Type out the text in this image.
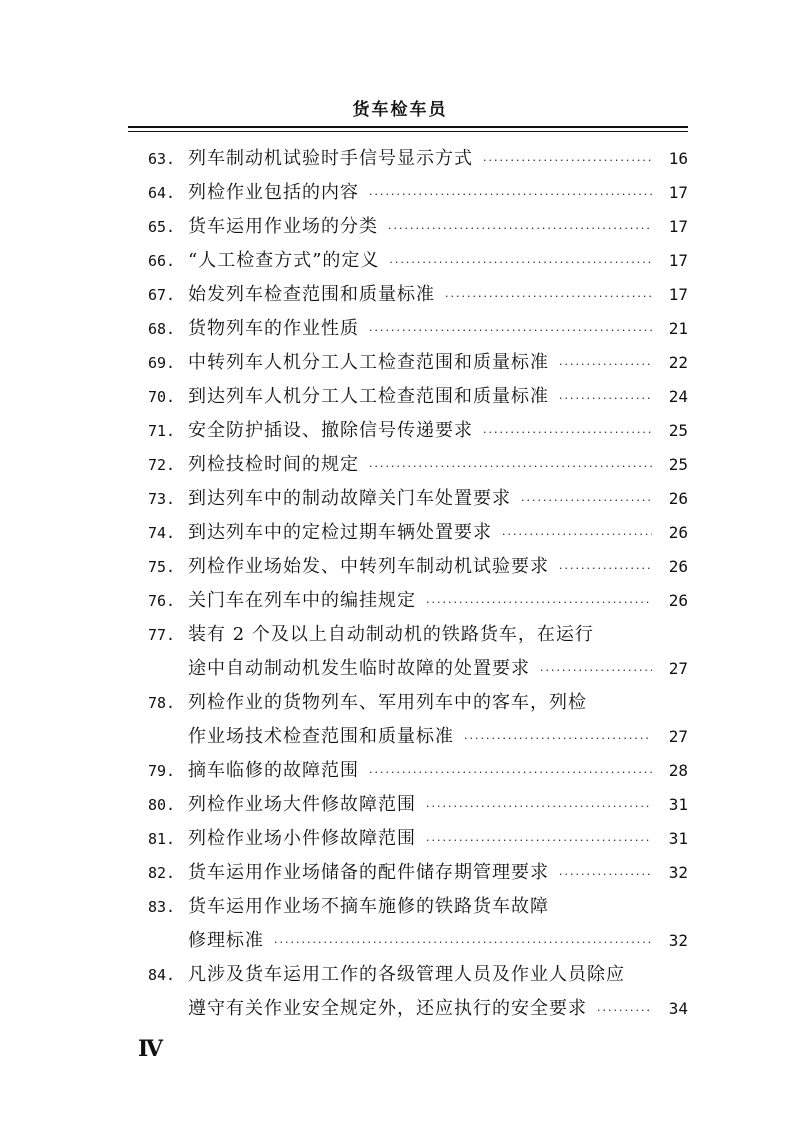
货车检车员
63. 列车制动机试验时手信号显示方式 ·····	16
64. 列检作业包括的内容 ·····	17
65. 货车运用作业场的分类 ·····	17
66. “人工检查方式”的定义 ·····	17
67. 始发列车检查范围和质量标准 ·····	17
68. 货物列车的作业性质 ·····	21
69. 中转列车人机分工人工检查范围和质量标准 ·····	22
70. 到达列车人机分工人工检查范围和质量标准 ·····	24
71. 安全防护插设、撤除信号传递要求 ·····	25
72. 列检技检时间的规定 ·····	25
73. 到达列车中的制动故障关门车处置要求 ·····	26
74. 到达列车中的定检过期车辆处置要求 ·····	26
75. 列检作业场始发、中转列车制动机试验要求 ·····	26
76. 关门车在列车中的编挂规定 ·····	26
77. 装有 2 个及以上自动制动机的铁路货车，在运行
途中自动制动机发生临时故障的处置要求 ·····	27
78. 列检作业的货物列车、军用列车中的客车，列检
作业场技术检查范围和质量标准 ·····	27
79. 摘车临修的故障范围 ·····	28
80. 列检作业场大件修故障范围 ·····	31
81. 列检作业场小件修故障范围 ·····	31
82. 货车运用作业场储备的配件储存期管理要求 ·····	32
83. 货车运用作业场不摘车施修的铁路货车故障
修理标准 ·····	32
84. 凡涉及货车运用工作的各级管理人员及作业人员除应
遵守有关作业安全规定外，还应执行的安全要求 ·····	34
Ⅳ
